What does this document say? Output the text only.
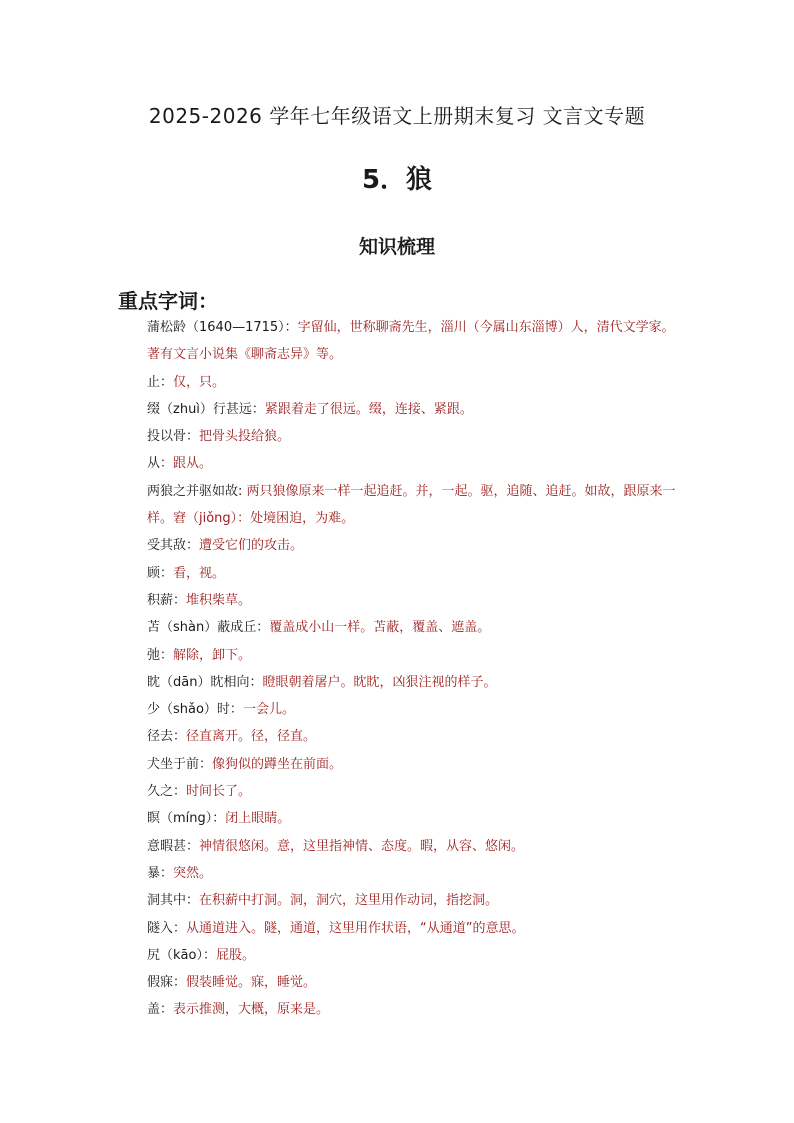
2025-2026 学年七年级语文上册期末复习 文言文专题
5．狼
知识梳理
重点字词：
蒲松龄（1640—1715）：字留仙，世称聊斋先生，淄川（今属山东淄博）人，清代文学家。著有文言小说集《聊斋志异》等。
止：仅，只。
缀（zhuì）行甚远：紧跟着走了很远。缀，连接、紧跟。
投以骨：把骨头投给狼。
从：跟从。
两狼之并驱如故: 两只狼像原来一样一起追赶。并，一起。驱，追随、追赶。如故，跟原来一样。窘（jiǒng）：处境困迫，为难。
受其敌：遭受它们的攻击。
顾：看，视。
积薪：堆积柴草。
苫（shàn）蔽成丘：覆盖成小山一样。苫蔽，覆盖、遮盖。
弛：解除，卸下。
眈（dān）眈相向：瞪眼朝着屠户。眈眈，凶狠注视的样子。
少（shǎo）时：一会儿。
径去：径直离开。径，径直。
犬坐于前：像狗似的蹲坐在前面。
久之：时间长了。
瞑（míng）：闭上眼睛。
意暇甚：神情很悠闲。意，这里指神情、态度。暇，从容、悠闲。
暴：突然。
洞其中：在积薪中打洞。洞，洞穴，这里用作动词，指挖洞。
隧入：从通道进入。隧，通道，这里用作状语，“从通道”的意思。
尻（kāo）：屁股。
假寐：假装睡觉。寐，睡觉。
盖：表示推测，大概，原来是。
